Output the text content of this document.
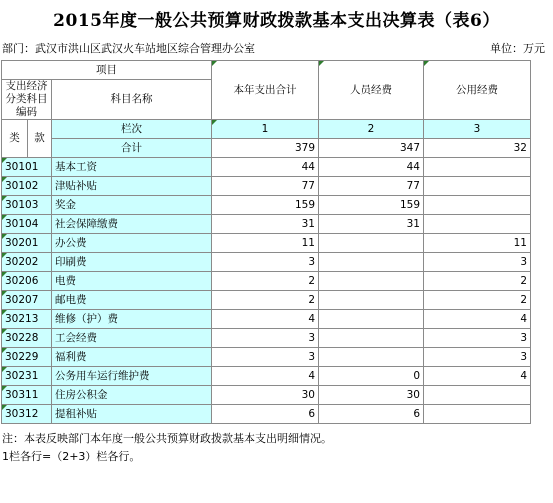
2015年度一般公共预算财政拨款基本支出决算表（表6）
部门：武汉市洪山区武汉火车站地区综合管理办公室	单位：万元
项目			本年支出合计	人员经费	公用经费
支出经济分类科目编码		科目名称			

类	款	栏次	1	2	3
		合计	379	347	32
30101		基本工资	44	44	
30102		津贴补贴	77	77	
30103		奖金	159	159	
30104		社会保障缴费	31	31	
30201		办公费	11		11
30202		印刷费	3		3
30206		电费	2		2
30207		邮电费	2		2
30213		维修（护）费	4		4
30228		工会经费	3		3
30229		福利费	3		3
30231		公务用车运行维护费	4	0	4
30311		住房公积金	30	30	
30312		提租补贴	6	6	
注：本表反映部门本年度一般公共预算财政拨款基本支出明细情况。
1栏各行=（2+3）栏各行。
